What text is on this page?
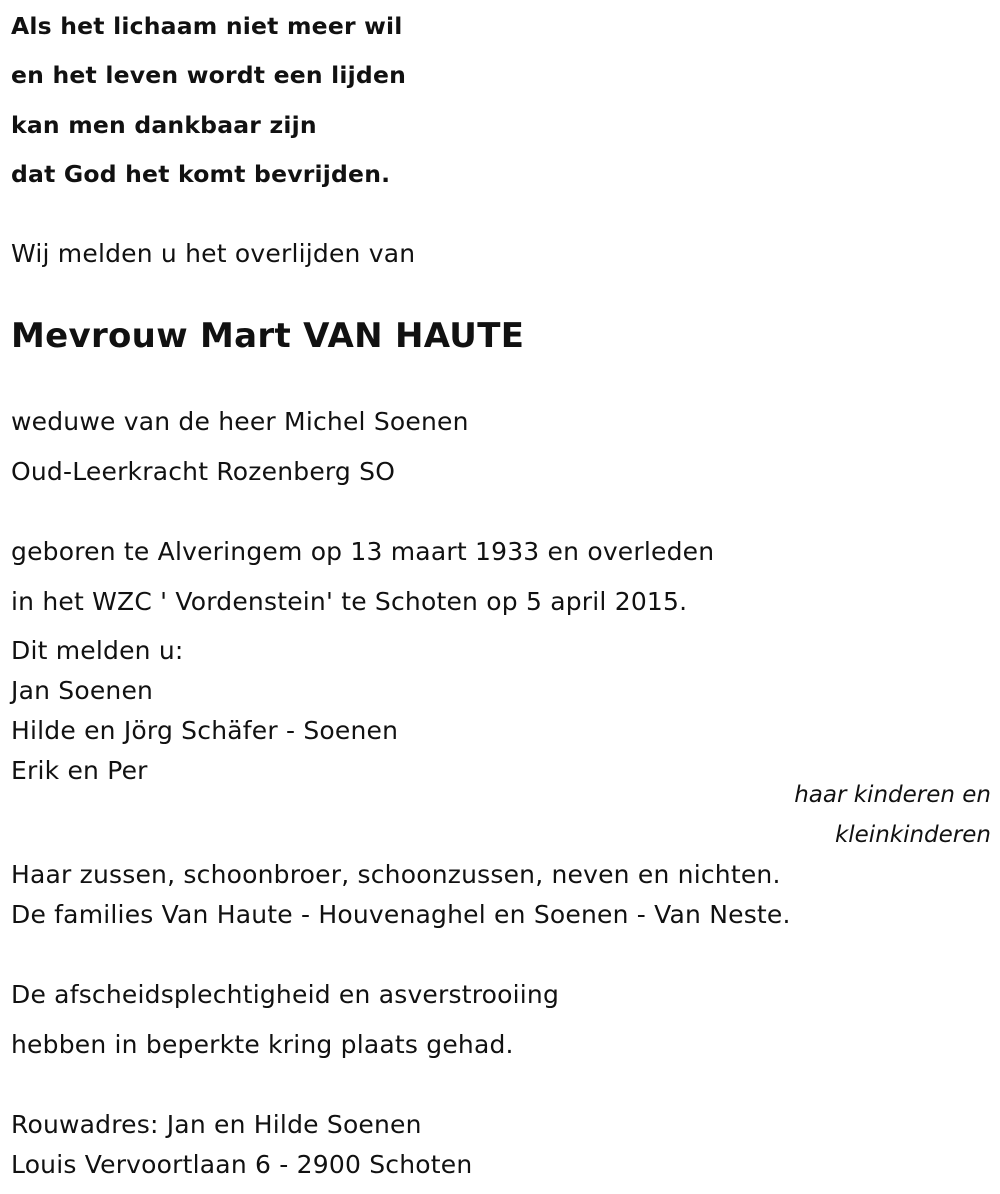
Als het lichaam niet meer wil
en het leven wordt een lijden
kan men dankbaar zijn
dat God het komt bevrijden.
Wij melden u het overlijden van
Mevrouw Mart VAN HAUTE
weduwe van de heer Michel Soenen
Oud-Leerkracht Rozenberg SO
geboren te Alveringem op 13 maart 1933 en overleden
in het WZC ' Vordenstein' te Schoten op 5 april 2015.
Dit melden u:
Jan Soenen
Hilde en Jörg Schäfer - Soenen
Erik en Per
haar kinderen en
kleinkinderen
Haar zussen, schoonbroer, schoonzussen, neven en nichten.
De families Van Haute - Houvenaghel en Soenen - Van Neste.
De afscheidsplechtigheid en asverstrooiing
hebben in beperkte kring plaats gehad.
Rouwadres: Jan en Hilde Soenen
Louis Vervoortlaan 6 - 2900 Schoten
